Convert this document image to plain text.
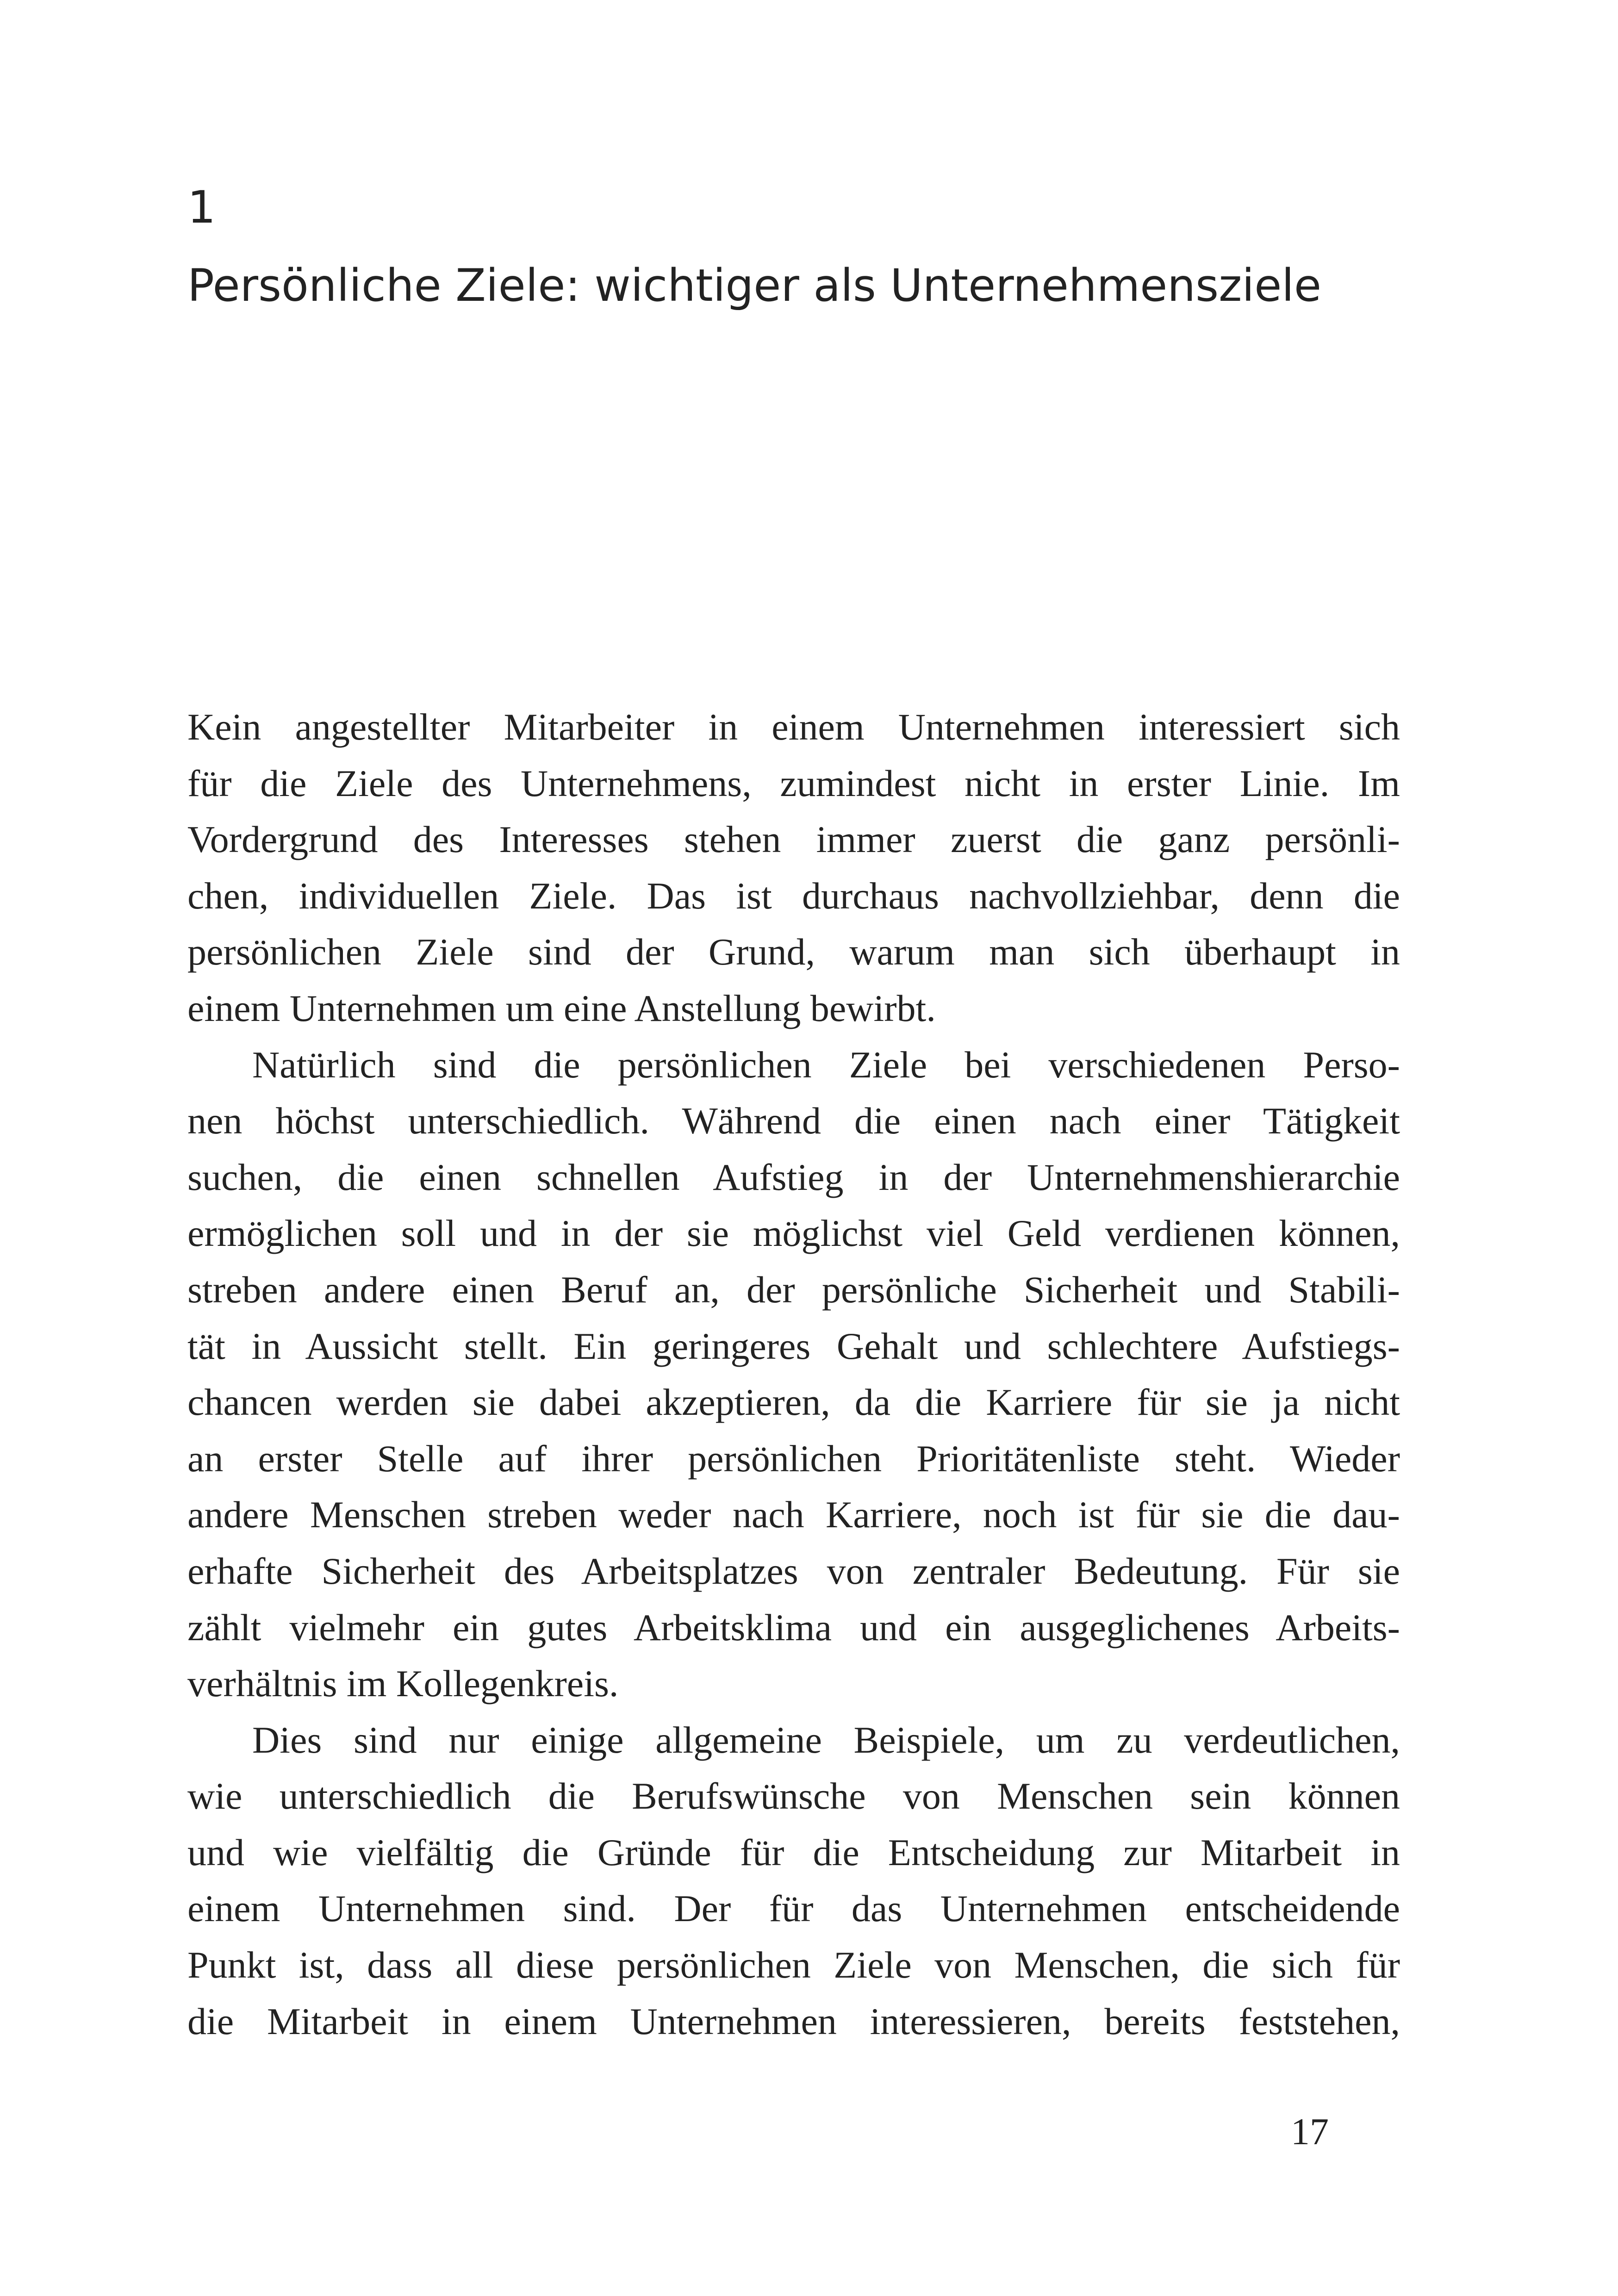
1
Persönliche Ziele: wichtiger als Unternehmensziele
Kein angestellter Mitarbeiter in einem Unternehmen interessiert sich
für die Ziele des Unternehmens, zumindest nicht in erster Linie. Im
Vordergrund des Interesses stehen immer zuerst die ganz persönli-
chen, individuellen Ziele. Das ist durchaus nachvollziehbar, denn die
persönlichen Ziele sind der Grund, warum man sich überhaupt in
einem Unternehmen um eine Anstellung bewirbt.
Natürlich sind die persönlichen Ziele bei verschiedenen Perso-
nen höchst unterschiedlich. Während die einen nach einer Tätigkeit
suchen, die einen schnellen Aufstieg in der Unternehmenshierarchie
ermöglichen soll und in der sie möglichst viel Geld verdienen können,
streben andere einen Beruf an, der persönliche Sicherheit und Stabili-
tät in Aussicht stellt. Ein geringeres Gehalt und schlechtere Aufstiegs-
chancen werden sie dabei akzeptieren, da die Karriere für sie ja nicht
an erster Stelle auf ihrer persönlichen Prioritätenliste steht. Wieder
andere Menschen streben weder nach Karriere, noch ist für sie die dau-
erhafte Sicherheit des Arbeitsplatzes von zentraler Bedeutung. Für sie
zählt vielmehr ein gutes Arbeitsklima und ein ausgeglichenes Arbeits-
verhältnis im Kollegenkreis.
Dies sind nur einige allgemeine Beispiele, um zu verdeutlichen,
wie unterschiedlich die Berufswünsche von Menschen sein können
und wie vielfältig die Gründe für die Entscheidung zur Mitarbeit in
einem Unternehmen sind. Der für das Unternehmen entscheidende
Punkt ist, dass all diese persönlichen Ziele von Menschen, die sich für
die Mitarbeit in einem Unternehmen interessieren, bereits feststehen,
17
